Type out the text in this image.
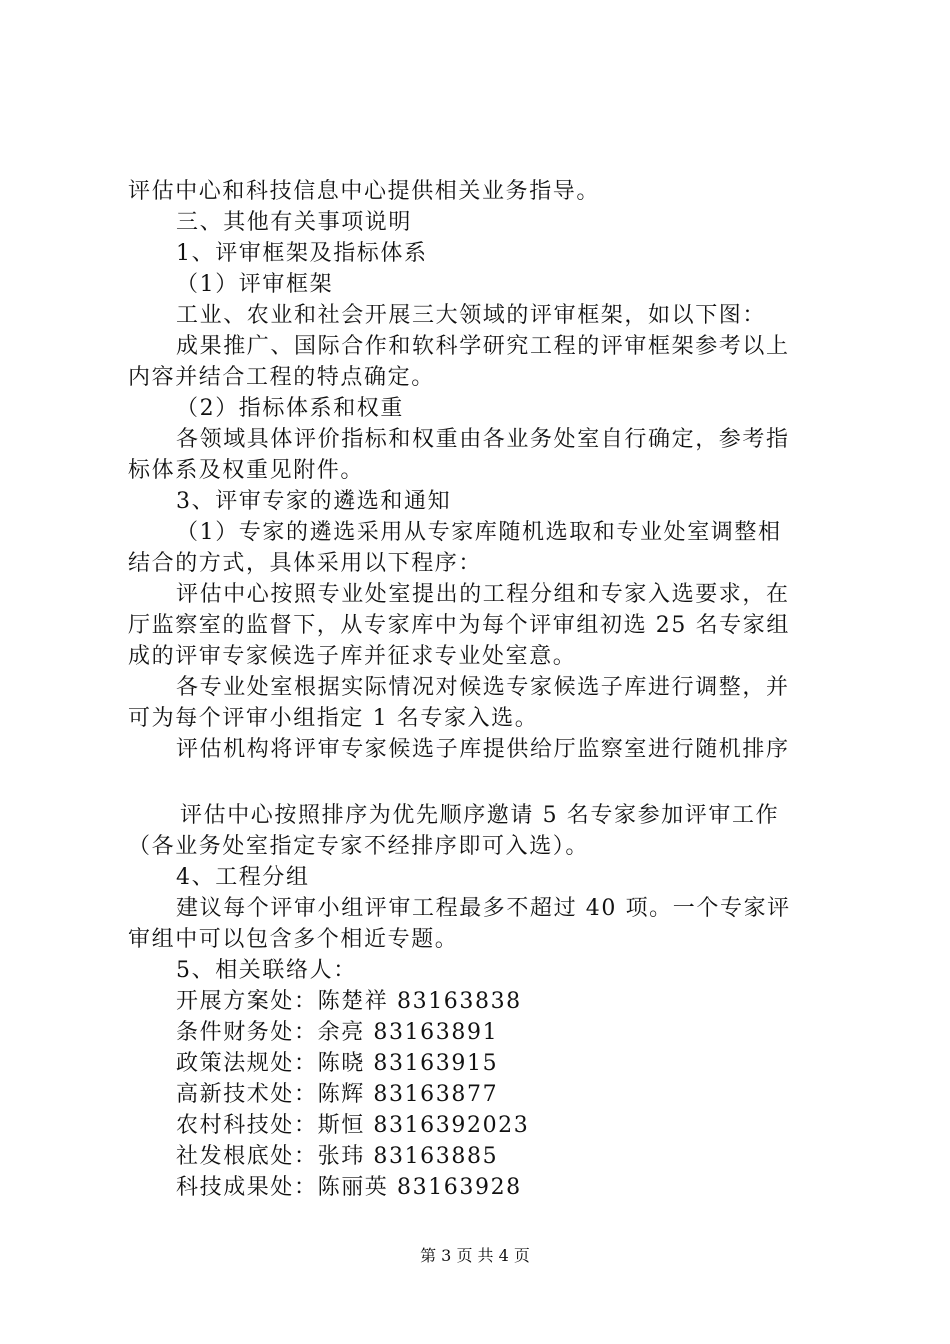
评估中心和科技信息中心提供相关业务指导。
三、其他有关事项说明
1、评审框架及指标体系
（1）评审框架
工业、农业和社会开展三大领域的评审框架，如以下图：
成果推广、国际合作和软科学研究工程的评审框架参考以上
内容并结合工程的特点确定。
（2）指标体系和权重
各领域具体评价指标和权重由各业务处室自行确定，参考指
标体系及权重见附件。
3、评审专家的遴选和通知
（1）专家的遴选采用从专家库随机选取和专业处室调整相
结合的方式，具体采用以下程序：
评估中心按照专业处室提出的工程分组和专家入选要求，在
厅监察室的监督下，从专家库中为每个评审组初选 25 名专家组
成的评审专家候选子库并征求专业处室意。
各专业处室根据实际情况对候选专家候选子库进行调整，并
可为每个评审小组指定 1 名专家入选。
评估机构将评审专家候选子库提供给厅监察室进行随机排序
评估中心按照排序为优先顺序邀请 5 名专家参加评审工作
（各业务处室指定专家不经排序即可入选）。
4、工程分组
建议每个评审小组评审工程最多不超过 40 项。一个专家评
审组中可以包含多个相近专题。
5、相关联络人：
开展方案处：陈楚祥 83163838
条件财务处：余亮 83163891
政策法规处：陈晓 83163915
高新技术处：陈辉 83163877
农村科技处：斯恒 8316392023
社发根底处：张玮 83163885
科技成果处：陈丽英 83163928
第 3 页 共 4 页
